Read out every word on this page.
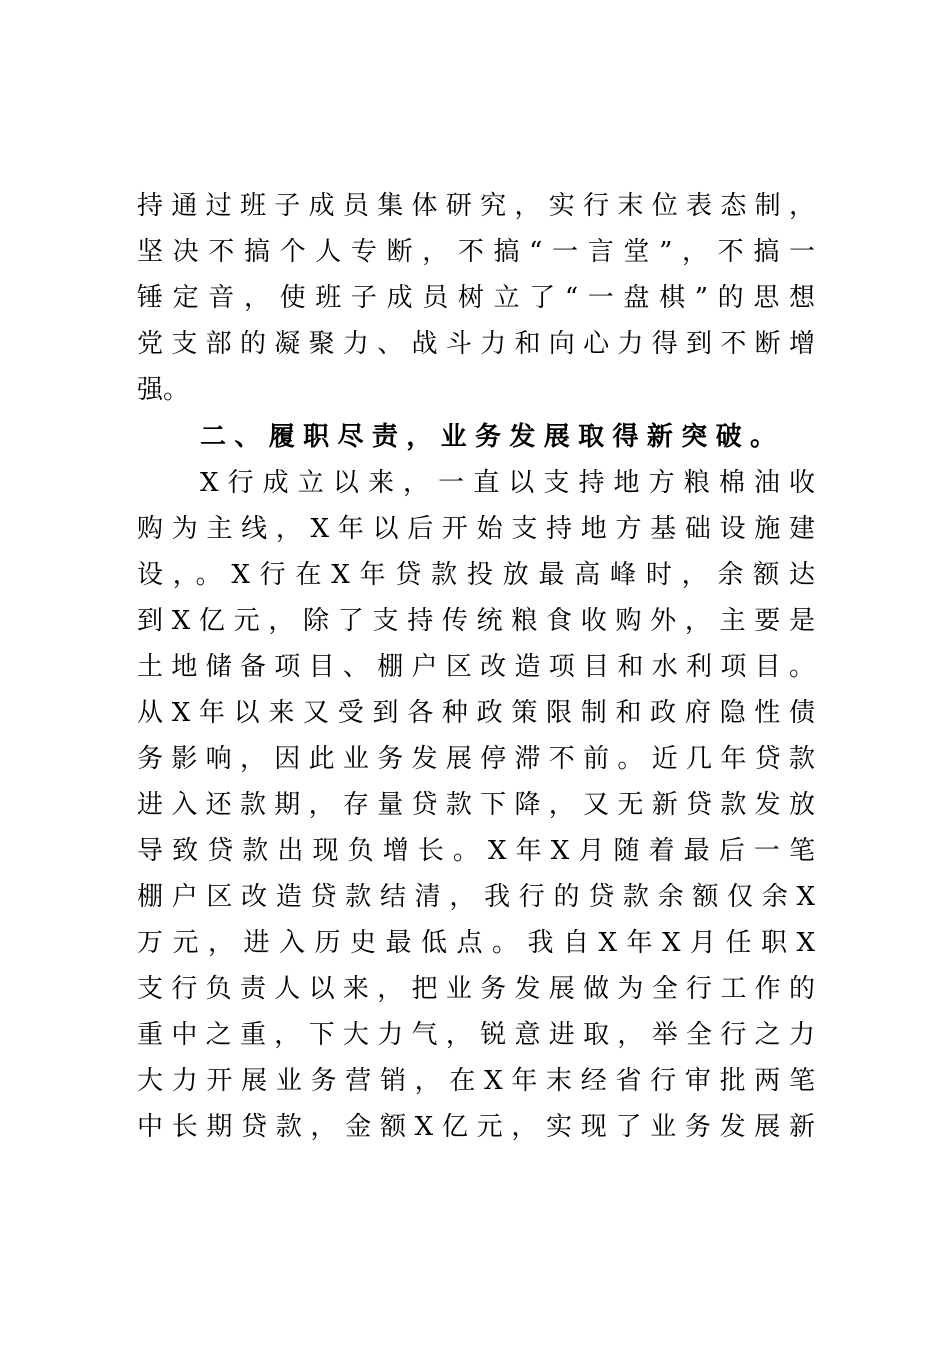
持通过班子成员集体研究，实行末位表态制，
坚决不搞个人专断，不搞“一言堂”，不搞一
锤定音，使班子成员树立了“一盘棋”的思想
党支部的凝聚力、战斗力和向心力得到不断增
强。
二、履职尽责，业务发展取得新突破。
X行成立以来，一直以支持地方粮棉油收
购为主线，X年以后开始支持地方基础设施建
设，。X行在X年贷款投放最高峰时，余额达
到X亿元，除了支持传统粮食收购外，主要是
土地储备项目、棚户区改造项目和水利项目。
从X年以来又受到各种政策限制和政府隐性债
务影响，因此业务发展停滞不前。近几年贷款
进入还款期，存量贷款下降，又无新贷款发放
导致贷款出现负增长。X年X月随着最后一笔
棚户区改造贷款结清，我行的贷款余额仅余X
万元，进入历史最低点。我自X年X月任职X
支行负责人以来，把业务发展做为全行工作的
重中之重，下大力气，锐意进取，举全行之力
大力开展业务营销，在X年末经省行审批两笔
中长期贷款，金额X亿元，实现了业务发展新
